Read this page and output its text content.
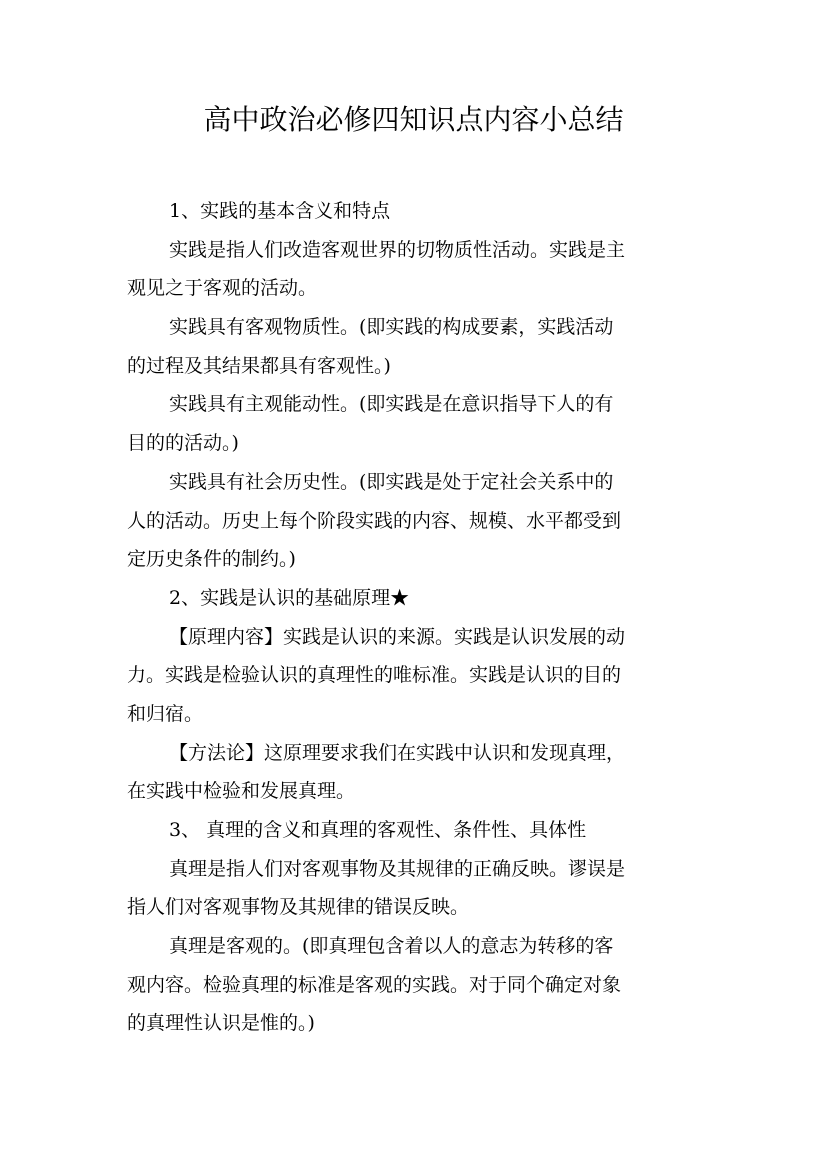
高中政治必修四知识点内容小总结
1、实践的基本含义和特点
实践是指人们改造客观世界的切物质性活动。实践是主
观见之于客观的活动。
实践具有客观物质性。(即实践的构成要素，实践活动
的过程及其结果都具有客观性。)
实践具有主观能动性。(即实践是在意识指导下人的有
目的的活动。)
实践具有社会历史性。(即实践是处于定社会关系中的
人的活动。历史上每个阶段实践的内容、规模、水平都受到
定历史条件的制约。)
2、实践是认识的基础原理★
【原理内容】实践是认识的来源。实践是认识发展的动
力。实践是检验认识的真理性的唯标准。实践是认识的目的
和归宿。
【方法论】这原理要求我们在实践中认识和发现真理，
在实践中检验和发展真理。
3、 真理的含义和真理的客观性、条件性、具体性
真理是指人们对客观事物及其规律的正确反映。谬误是
指人们对客观事物及其规律的错误反映。
真理是客观的。(即真理包含着以人的意志为转移的客
观内容。检验真理的标准是客观的实践。对于同个确定对象
的真理性认识是惟的。)
